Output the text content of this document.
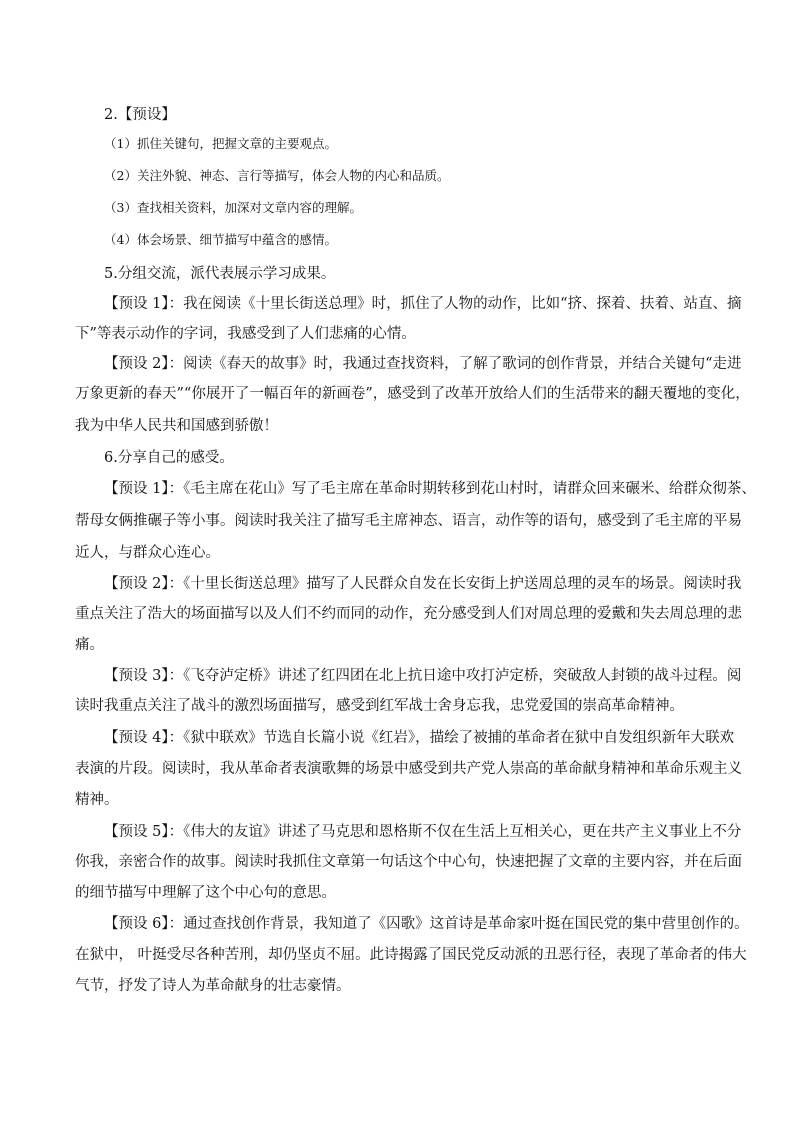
2.【预设】
（1）抓住关键句，把握文章的主要观点。
（2）关注外貌、神态、言行等描写，体会人物的内心和品质。
（3）查找相关资料，加深对文章内容的理解。
（4）体会场景、细节描写中蕴含的感情。
5.分组交流，派代表展示学习成果。
【预设 1】：我在阅读《十里长街送总理》时，抓住了人物的动作，比如“挤、探着、扶着、站直、摘
下”等表示动作的字词，我感受到了人们悲痛的心情。
【预设 2】：阅读《春天的故事》时，我通过查找资料，了解了歌词的创作背景，并结合关键句“走进
万象更新的春天”“你展开了一幅百年的新画卷”，感受到了改革开放给人们的生活带来的翻天覆地的变化，
我为中华人民共和国感到骄傲！
6.分享自己的感受。
【预设 1】：《毛主席在花山》写了毛主席在革命时期转移到花山村时，请群众回来碾米、给群众彻茶、
帮母女俩推碾子等小事。阅读时我关注了描写毛主席神态、语言，动作等的语句，感受到了毛主席的平易
近人，与群众心连心。
【预设 2】：《十里长街送总理》描写了人民群众自发在长安街上护送周总理的灵车的场景。阅读时我
重点关注了浩大的场面描写以及人们不约而同的动作，充分感受到人们对周总理的爱戴和失去周总理的悲
痛。
【预设 3】：《飞夺泸定桥》讲述了红四团在北上抗日途中攻打泸定桥，突破敌人封锁的战斗过程。阅
读时我重点关注了战斗的激烈场面描写，感受到红军战士舍身忘我，忠党爱国的崇高革命精神。
【预设 4】：《狱中联欢》节选自长篇小说《红岩》，描绘了被捕的革命者在狱中自发组织新年大联欢
表演的片段。阅读时，我从革命者表演歌舞的场景中感受到共产党人崇高的革命献身精神和革命乐观主义
精神。
【预设 5】：《伟大的友谊》讲述了马克思和恩格斯不仅在生活上互相关心，更在共产主义事业上不分
你我，亲密合作的故事。阅读时我抓住文章第一句话这个中心句，快速把握了文章的主要内容，并在后面
的细节描写中理解了这个中心句的意思。
【预设 6】：通过查找创作背景，我知道了《囚歌》这首诗是革命家叶挺在国民党的集中营里创作的。
在狱中， 叶挺受尽各种苦刑，却仍坚贞不屈。此诗揭露了国民党反动派的丑恶行径，表现了革命者的伟大
气节，抒发了诗人为革命献身的壮志豪情。
